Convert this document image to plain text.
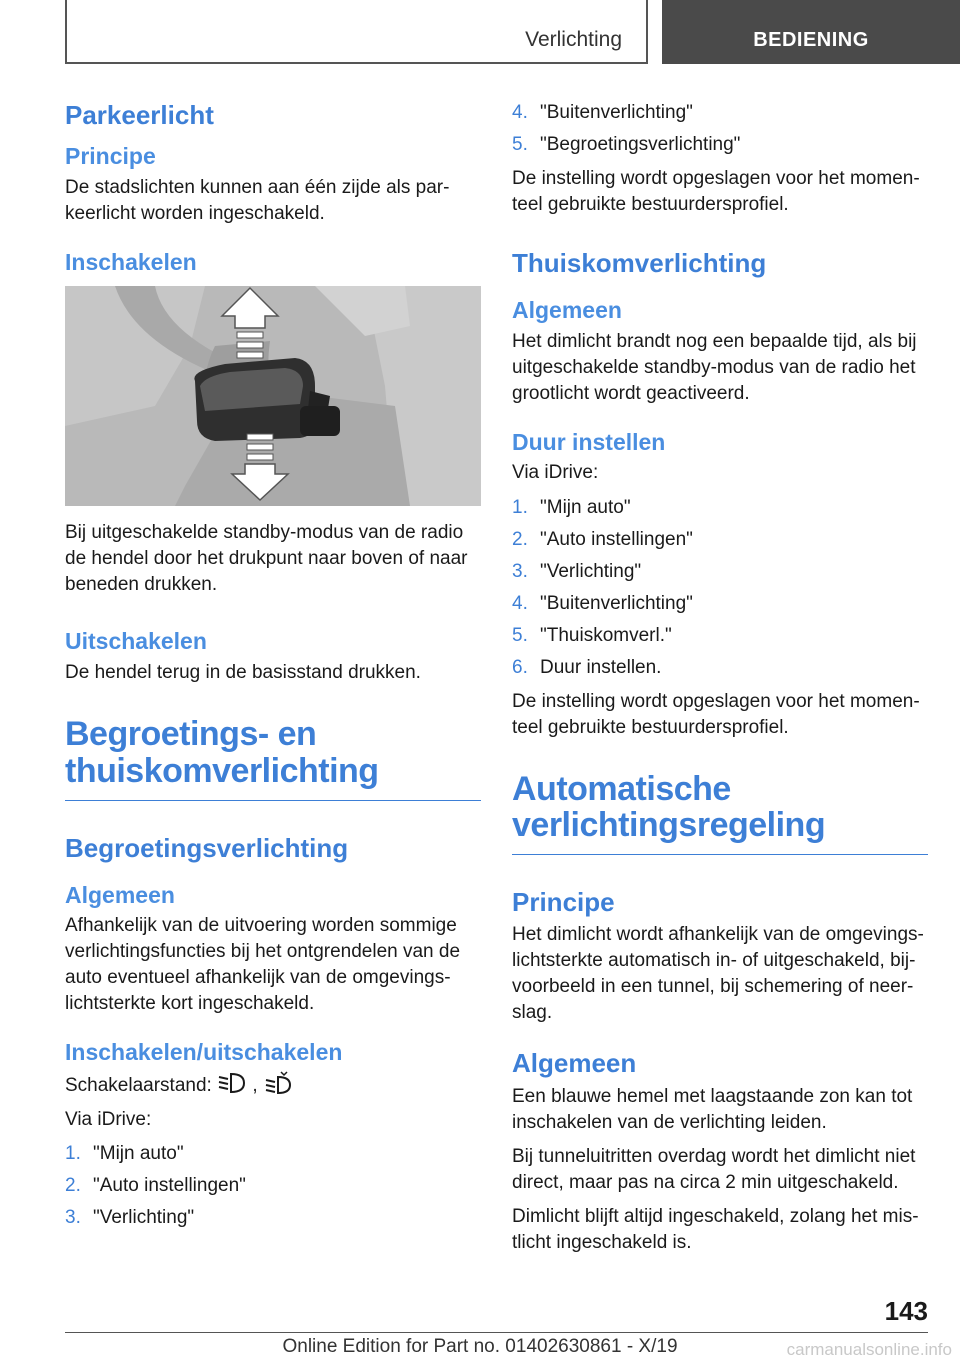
Verlichting	BEDIENING
Parkeerlicht
Principe

De stadslichten kunnen aan één zijde als par-keerlicht worden ingeschakeld.

Inschakelen

Bij uitgeschakelde standby-modus van de radio de hendel door het drukpunt naar boven of naar beneden drukken.

Uitschakelen

De hendel terug in de basisstand drukken.

Begroetings- en thuiskomverlichting
Begroetingsverlichting
Algemeen

Afhankelijk van de uitvoering worden sommige verlichtingsfuncties bij het ontgrendelen van de auto eventueel afhankelijk van de omgevings-lichtsterkte kort ingeschakeld.

Inschakelen/uitschakelen

Schakelaarstand: ,

Via iDrive:

1. "Mijn auto"
2. "Auto instellingen"
3. "Verlichting"
4. "Buitenverlichting"
5. "Begroetingsverlichting"

De instelling wordt opgeslagen voor het momen-teel gebruikte bestuurdersprofiel.

Thuiskomverlichting
Algemeen

Het dimlicht brandt nog een bepaalde tijd, als bij uitgeschakelde standby-modus van de radio het grootlicht wordt geactiveerd.

Duur instellen

Via iDrive:

1. "Mijn auto"
2. "Auto instellingen"
3. "Verlichting"
4. "Buitenverlichting"
5. "Thuiskomverl."
6. Duur instellen.

De instelling wordt opgeslagen voor het momen-teel gebruikte bestuurdersprofiel.

Automatische verlichtingsregeling
Principe

Het dimlicht wordt afhankelijk van de omgevings-lichtsterkte automatisch in- of uitgeschakeld, bij-voorbeeld in een tunnel, bij schemering of neer-slag.

Algemeen

Een blauwe hemel met laagstaande zon kan tot inschakelen van de verlichting leiden.

Bij tunneluitritten overdag wordt het dimlicht niet direct, maar pas na circa 2 min uitgeschakeld.

Dimlicht blijft altijd ingeschakeld, zolang het mis-tlicht ingeschakeld is.

143
Online Edition for Part no. 01402630861 - X/19	carmanualsonline.info
